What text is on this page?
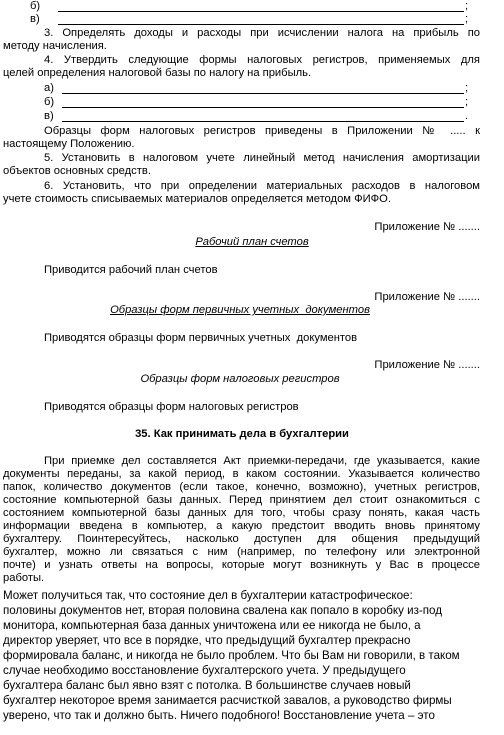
б)	;
в)	;
3. Определять доходы и расходы при исчислении налога на прибыль по
методу начисления.
4. Утвердить следующие формы налоговых регистров, применяемых для
целей определения налоговой базы по налогу на прибыль.
а)	;
б)	;
в)	.
Образцы форм налоговых регистров приведены в Приложении № ..... к
настоящему Положению.
5. Установить в налоговом учете линейный метод начисления амортизации
объектов основных средств.
6. Установить, что при определении материальных расходов в налоговом
учете стоимость списываемых материалов определяется методом ФИФО.
Приложение № .......
Рабочий план счетов
Приводится рабочий план счетов
Приложение № .......
Образцы форм первичных учетных  документов
Приводятся образцы форм первичных учетных  документов
Приложение № .......
Образцы форм налоговых регистров
Приводятся образцы форм налоговых регистров
35. Как принимать дела в бухгалтерии
При приемке дел составляется Акт приемки-передачи, где указывается, какие
документы переданы, за какой период, в каком состоянии. Указывается количество
папок, количество документов (если такое, конечно, возможно), учетных регистров,
состояние компьютерной базы данных. Перед принятием дел стоит ознакомиться с
состоянием компьютерной базы данных для того, чтобы сразу понять, какая часть
информации введена в компьютер, а какую предстоит вводить вновь принятому
бухгалтеру.  Поинтересуйтесь,  насколько  доступен  для  общения  предыдущий
бухгалтер,  можно  ли  связаться  с  ним  (например,  по  телефону  или  электронной
почте) и узнать ответы на вопросы, которые могут возникнуть у Вас в процессе
работы.
Может получиться так, что состояние дел в бухгалтерии катастрофическое:
половины документов нет, вторая половина свалена как попало в коробку из-под
монитора, компьютерная база данных уничтожена или ее никогда не было, а
директор уверяет, что все в порядке, что предыдущий бухгалтер прекрасно
формировала баланс, и никогда не было проблем. Что бы Вам ни говорили, в таком
случае необходимо восстановление бухгалтерского учета. У предыдущего
бухгалтера баланс был явно взят с потолка. В большинстве случаев новый
бухгалтер некоторое время занимается расчисткой завалов, а руководство фирмы
уверено, что так и должно быть. Ничего подобного! Восстановление учета – это
